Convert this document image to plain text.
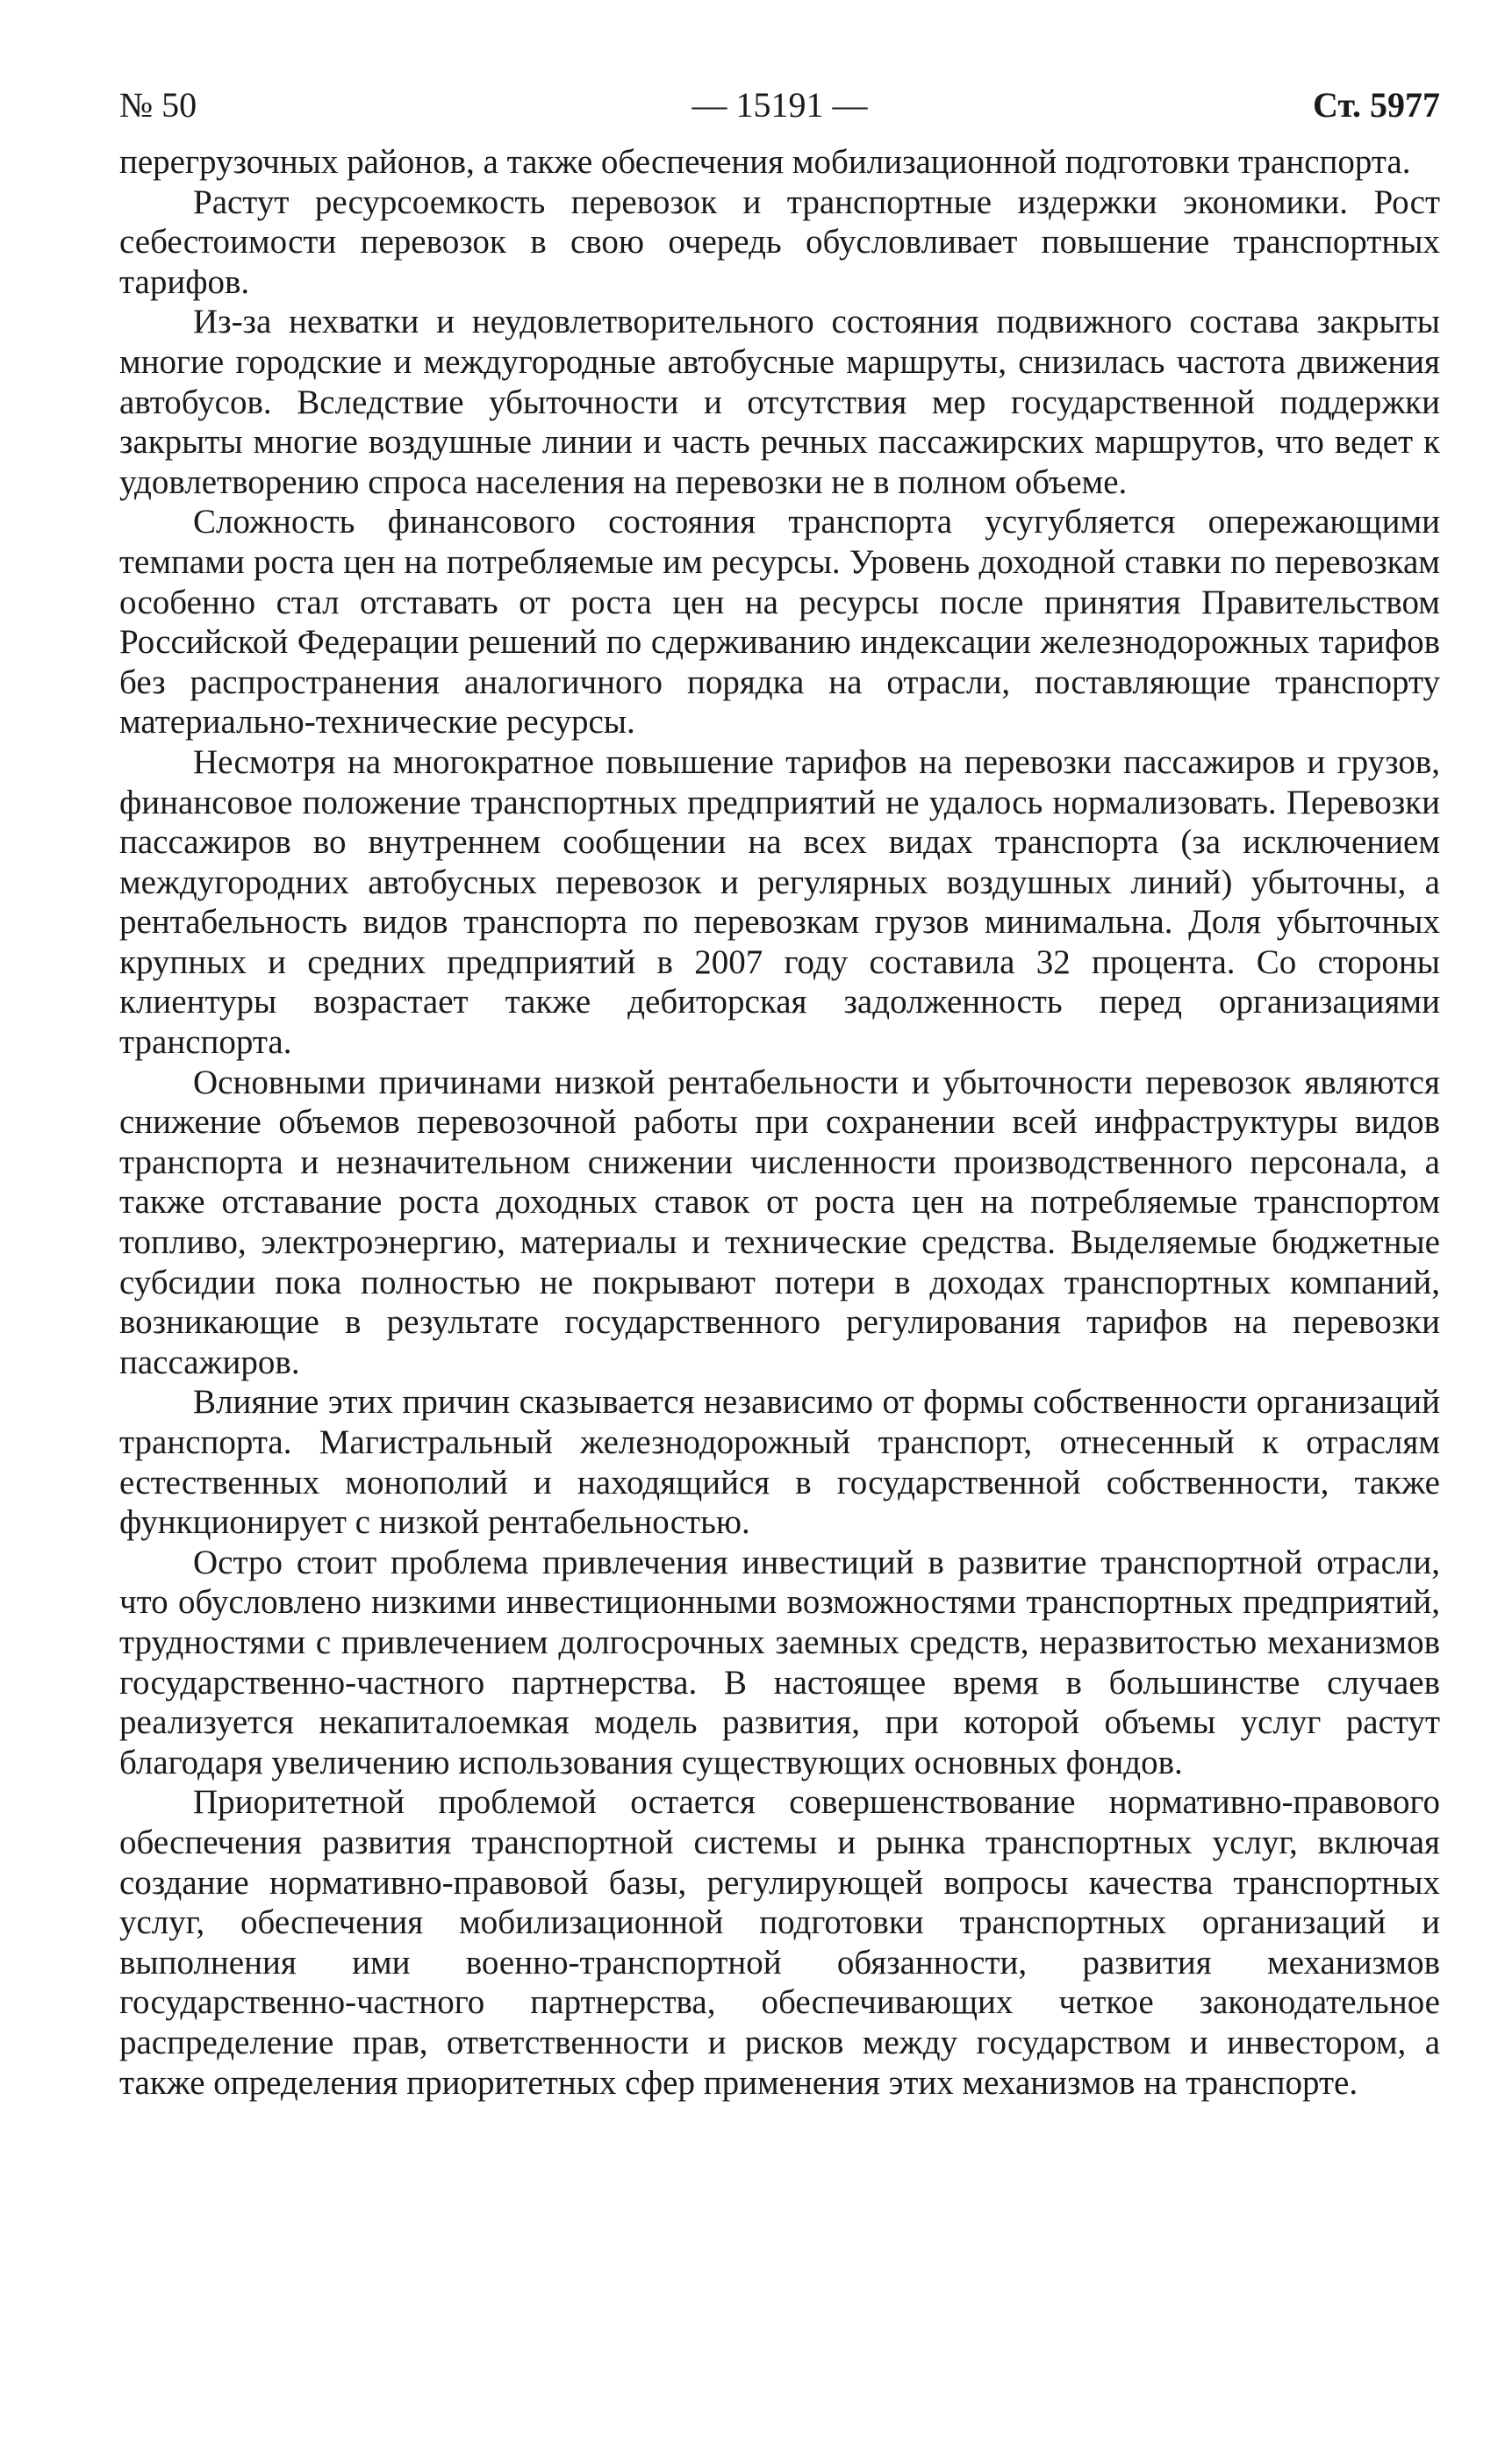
№ 50	— 15191 —	Ст. 5977

перегрузочных районов, а также обеспечения мобилизационной подготовки транспорта.

Растут ресурсоемкость перевозок и транспортные издержки экономики. Рост себестоимости перевозок в свою очередь обусловливает повышение транспортных тарифов.

Из-за нехватки и неудовлетворительного состояния подвижного состава закрыты многие городские и междугородные автобусные маршруты, снизилась частота движения автобусов. Вследствие убыточности и отсутствия мер государственной поддержки закрыты многие воздушные линии и часть речных пассажирских маршрутов, что ведет к удовлетворению спроса населения на перевозки не в полном объеме.

Сложность финансового состояния транспорта усугубляется опережающими темпами роста цен на потребляемые им ресурсы. Уровень доходной ставки по перевозкам особенно стал отставать от роста цен на ресурсы после принятия Правительством Российской Федерации решений по сдерживанию индексации железнодорожных тарифов без распространения аналогичного порядка на отрасли, поставляющие транспорту материально-технические ресурсы.

Несмотря на многократное повышение тарифов на перевозки пассажиров и грузов, финансовое положение транспортных предприятий не удалось нормализовать. Перевозки пассажиров во внутреннем сообщении на всех видах транспорта (за исключением междугородних автобусных перевозок и регулярных воздушных линий) убыточны, а рентабельность видов транспорта по перевозкам грузов минимальна. Доля убыточных крупных и средних предприятий в 2007 году составила 32 процента. Со стороны клиентуры возрастает также дебиторская задолженность перед организациями транспорта.

Основными причинами низкой рентабельности и убыточности перевозок являются снижение объемов перевозочной работы при сохранении всей инфраструктуры видов транспорта и незначительном снижении численности производственного персонала, а также отставание роста доходных ставок от роста цен на потребляемые транспортом топливо, электроэнергию, материалы и технические средства. Выделяемые бюджетные субсидии пока полностью не покрывают потери в доходах транспортных компаний, возникающие в результате государственного регулирования тарифов на перевозки пассажиров.

Влияние этих причин сказывается независимо от формы собственности организаций транспорта. Магистральный железнодорожный транспорт, отнесенный к отраслям естественных монополий и находящийся в государственной собственности, также функционирует с низкой рентабельностью.

Остро стоит проблема привлечения инвестиций в развитие транспортной отрасли, что обусловлено низкими инвестиционными возможностями транспортных предприятий, трудностями с привлечением долгосрочных заемных средств, неразвитостью механизмов государственно-частного партнерства. В настоящее время в большинстве случаев реализуется некапиталоемкая модель развития, при которой объемы услуг растут благодаря увеличению использования существующих основных фондов.

Приоритетной проблемой остается совершенствование нормативно-правового обеспечения развития транспортной системы и рынка транспортных услуг, включая создание нормативно-правовой базы, регулирующей вопросы качества транспортных услуг, обеспечения мобилизационной подготовки транспортных организаций и выполнения ими военно-транспортной обязанности, развития механизмов государственно-частного партнерства, обеспечивающих четкое законодательное распределение прав, ответственности и рисков между государством и инвестором, а также определения приоритетных сфер применения этих механизмов на транспорте.
